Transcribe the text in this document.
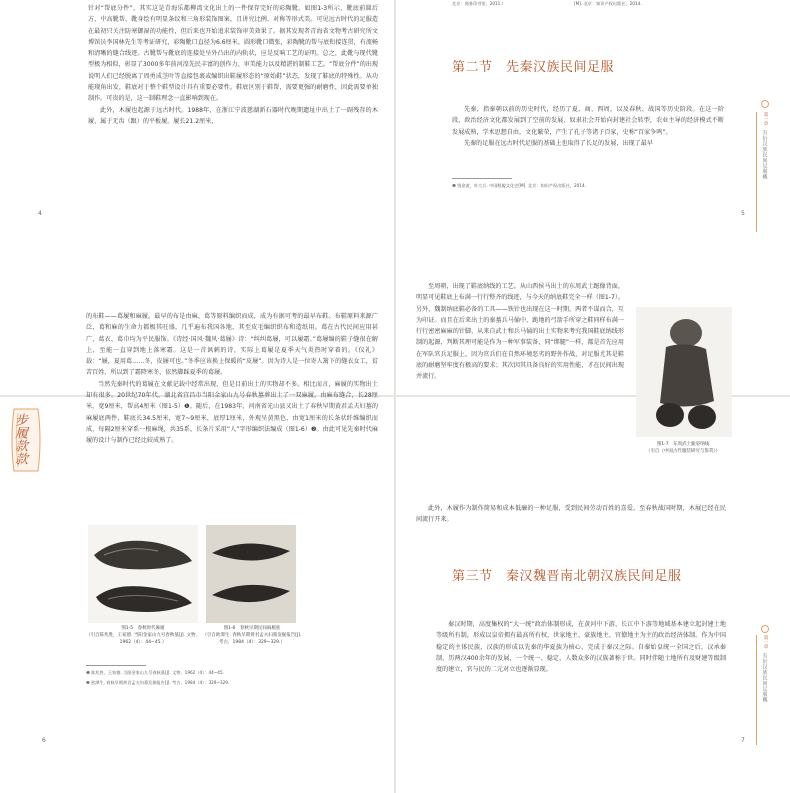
针对“帮底分件”，其实这是青海乐都柳湾文化出土的一件保存完好的彩陶靴。如图1-3所示，靴底前圆后方，中高靴帮，靴身绘有明显条纹和三角形装饰图案，且讲究比例、对称等形式美。可见远古时代的足服造在最初只关注防寒御湿的功能性，但后来也开始追求装饰审美效果了。据其发现者青海省文物考古研究所文博馆员李国林先生等考证研究，彩陶靴口直径为6.6厘米，圆形靴口微张，彩陶靴的帮与底衔接连贯，有流畅和清晰的缝合线迹。古靴帮与靴底的连接处呈外凸出的内轨状，应是反响工艺的证明。总之，此靴与现代靴型极为相似，彰显了3000多年前河湟先民丰富的创作力、审美能力以及精湛的制鞋工艺。“帮底分件”的出现说明人们已经脱离了周勇成茎叶等直接包裹或编织出鞋履形态的“原始鞋”状态，发现了鞋底的特殊性。从功能现角出发，鞋底对于整个鞋型设计具有重要必要性。鞋底区别于鞋帮，需要更强的耐磨性，因此需要单独制作。可贵的是，这一制鞋理念一直影响到现在。

此外，木履也起源于远古时代。1988年，在浙江宁波慈湖新石器时代晚期遗址中出土了一副残存的木履，属于无齿（跟）的平板履。履长21.2厘米，

4
北京：商务印书馆，2011.）	[M]. 北京：知识产权出版社，2014.
第二节　先秦汉族民间足服

先秦，指秦朝以前的历史时代，经历了夏、商、西周，以及春秋、战国等历史阶段。在这一阶段，政治经济文化都发展到了空前的发展，奴隶社会开始向封建社会转型，农业主导的经济模式不断发展成熟，学术思想自由，文化繁荣，产生了孔子等诸子百家，史称“百家争鸣”。

先秦的足服在远古时代足服的基础上也取得了长足的发展，出现了最早

❶ 钱金波，叶大兵. 中国鞋履文化史[M]. 北京：知识产权出版社，2014.
第一章
有衍汉族民间足服概
5
步履款款

的布鞋——葛履和麻履。最早的布是由麻、葛等原料编织而成，成为有据可考的最早布鞋。布鞋原料来源广泛，葛和麻的生命力都极其旺盛，几乎遍布我国各地，其至皮毛编织织布和造纸用。葛在古代民间应用甚广，葛衣、葛巾均为平民服饰。《诗经·国风·魏风·葛屦》诗：“纠纠葛屦，可以履霜。”葛屦编的鞋子缝很在解上，至能一直穿到地上落寒霜。这是一首讽刺的诗，实际上葛履是夏季天气炎热时穿着的。《仪礼》载：“屦，夏用葛……冬，皮屦可也。”冬季应该换上保暖的“皮屦”。因为诗人是一位寄人篱下的缝衣女工，贫苦百姓，所以到了霜降寒冬，依然脚踩夏季的葛屦。

当然先秦时代的葛履在文献记载中经常出现，但是目前出土的实物却不多。相比而言，麻履的实物出土却有很多。20世纪70年代，湖北省宜昌市当阳金家山九号春秋墓葬出土了一双麻履，由麻布缝合，长28厘米，宽9厘米，帮高4厘米（图1-5）❶。随后，在1983年，河南省光山县又出土了春秋早期黄君孟夫妇墓的麻履底两件，鞋底长34.5厘米，宽7~9厘米，底厚1厘米，外观呈黄黑色，由宽1厘米的长条状纤维编织而成，每隔2厘米穿系一根麻绳，共35系，长条片采用“人”字形编织法编成（图1-6）❷。由此可见先秦时代麻履的设计与制作已经比较成熟了。

图1-5　春秋时代麻履
（引自陈兆胜，王家德. 当阳金家山九号春秋墓[J]. 文物，1962（4）：44~45.）
图1-6　春秋早期民间麻履底
（引自欧潭生. 春秋早期黄君孟夫妇墓发掘报告[J]. 考古，1984（4）：329~329.）
❶ 陈兆胜，王家德. 当阳金家山九号春秋墓[J]. 文物，1962（4）：44~45.
❷ 欧潭生. 春秋早期黄君孟夫妇墓发掘报告[J]. 考古，1984（4）：329~329.
6

至周朝，出现了鞋底纳线的工艺。从山西侯马出土的东周武士跽像背面，明显可见鞋底上布满一行行整齐的线迹，与今天的纳底鞋完全一样（图1-7）。另外，魏制纳底鞋必备的工具——铁针也出现在这一时期，两者不谋而合，互为印证。而且在后来出土的秦墓兵马俑中，跪地的弓箭手所穿之鞋同样布满一行行密密麻麻的针脚，从来自武士和兵马俑的出土实物来考究我国鞋底纳线形制的起源，判断其理可能是作为一种军事装备，同“绑腿”一样，都是首先应用在军队官兵足服上，因为官兵们在自然环境恶劣的野外作战，对足服尤其是鞋底的耐磨坚牢度有极高的要求；其次因其具备良好的实用性能，才在民间出现并流行。

图1-7　东周武士跪姿纳线
（引自《中国古代服装研究与鉴赏》）

此外，木履作为制作简易和成本低廉的一种足服，受到民间劳动百姓的喜爱。至春秋战国时期，木屐已经在民间流行开来。

第三节　秦汉魏晋南北朝汉族民间足服

秦汉时期，高度集权的“大一统”政治体制形成，在黄河中下游、长江中下游等地域基本建立起封建土地等级所有制，形成以皇帝拥有最高所有权，世家地主、豪族地主、官僚地主为主的政治经济体制。作为中国稳定的主体民族，汉族的形成以先秦的华夏族为核心，完成于秦汉之际。自秦始皇统一全国之后，汉承秦制，历两汉400余年的发展，一个统一、稳定、人数众多的汉族著称于世。同时伴随土地所有及财建等级制度的建立，官与民的二元对立也逐渐显现。

第一章
有衍汉族民间足服概
7
